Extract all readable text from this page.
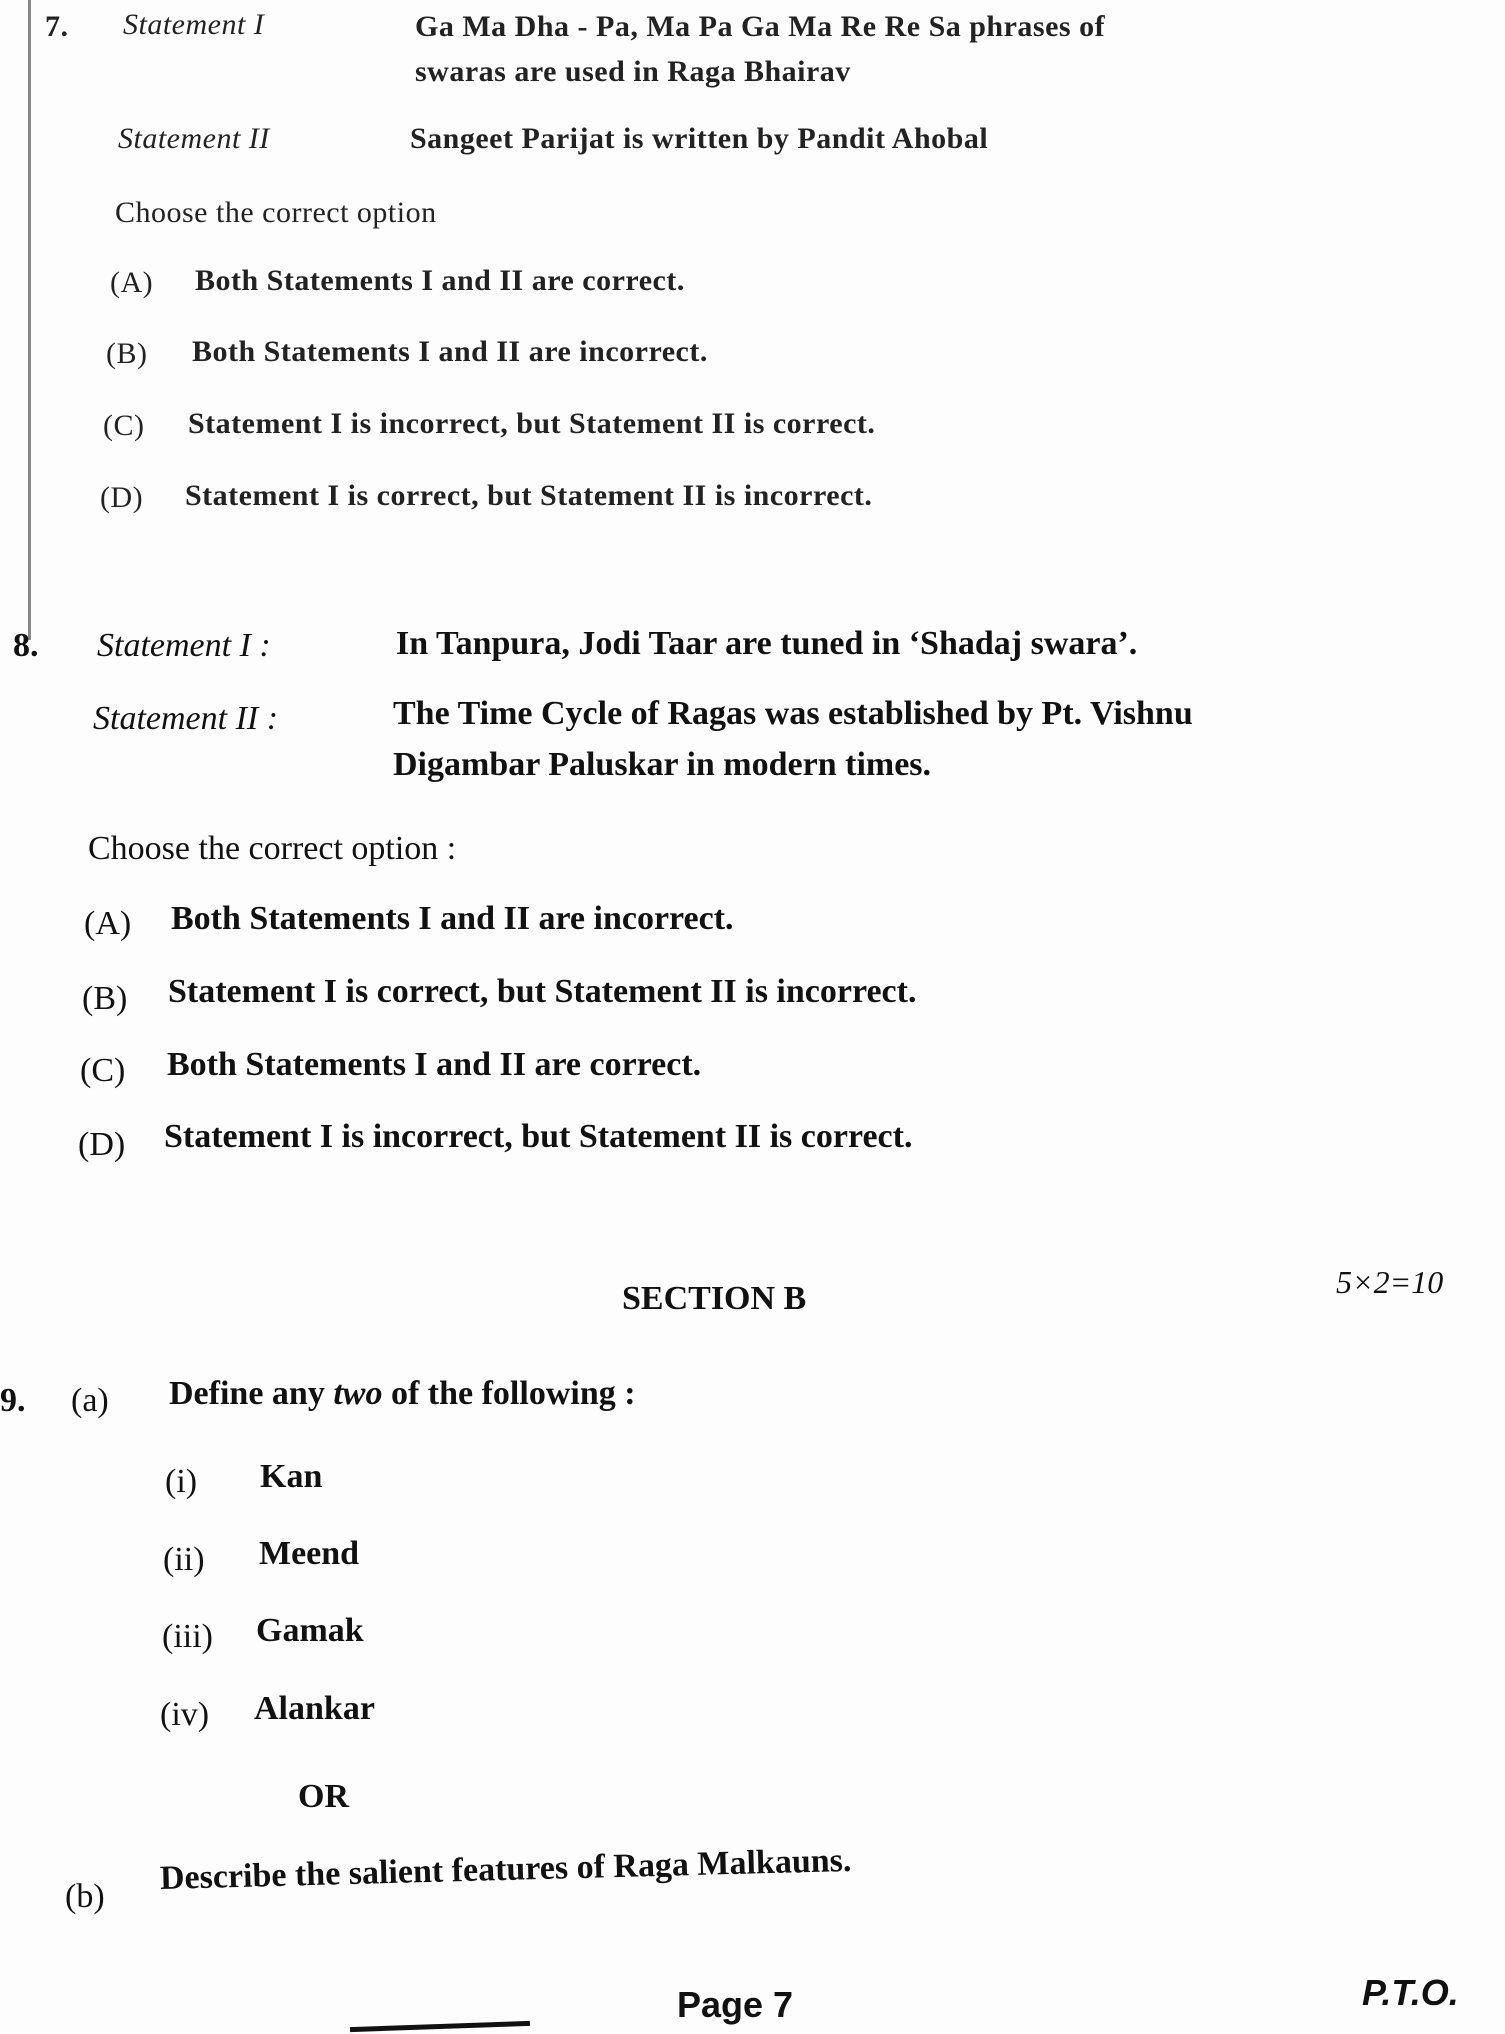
7. Statement I	Ga Ma Dha - Pa, Ma Pa Ga Ma Re Re Sa phrases of
swaras are used in Raga Bhairav
Statement II	Sangeet Parijat is written by Pandit Ahobal
Choose the correct option
(A) Both Statements I and II are correct.
(B) Both Statements I and II are incorrect.
(C) Statement I is incorrect, but Statement II is correct.
(D) Statement I is correct, but Statement II is incorrect.
8. Statement I :	In Tanpura, Jodi Taar are tuned in ‘Shadaj swara’.
Statement II :	The Time Cycle of Ragas was established by Pt. Vishnu
Digambar Paluskar in modern times.
Choose the correct option :
(A) Both Statements I and II are incorrect.
(B) Statement I is correct, but Statement II is incorrect.
(C) Both Statements I and II are correct.
(D) Statement I is incorrect, but Statement II is correct.
SECTION B	5×2=10
9. (a) Define any two of the following :
(i) Kan
(ii) Meend
(iii) Gamak
(iv) Alankar
OR
(b) Describe the salient features of Raga Malkauns.
Page 7	P.T.O.
